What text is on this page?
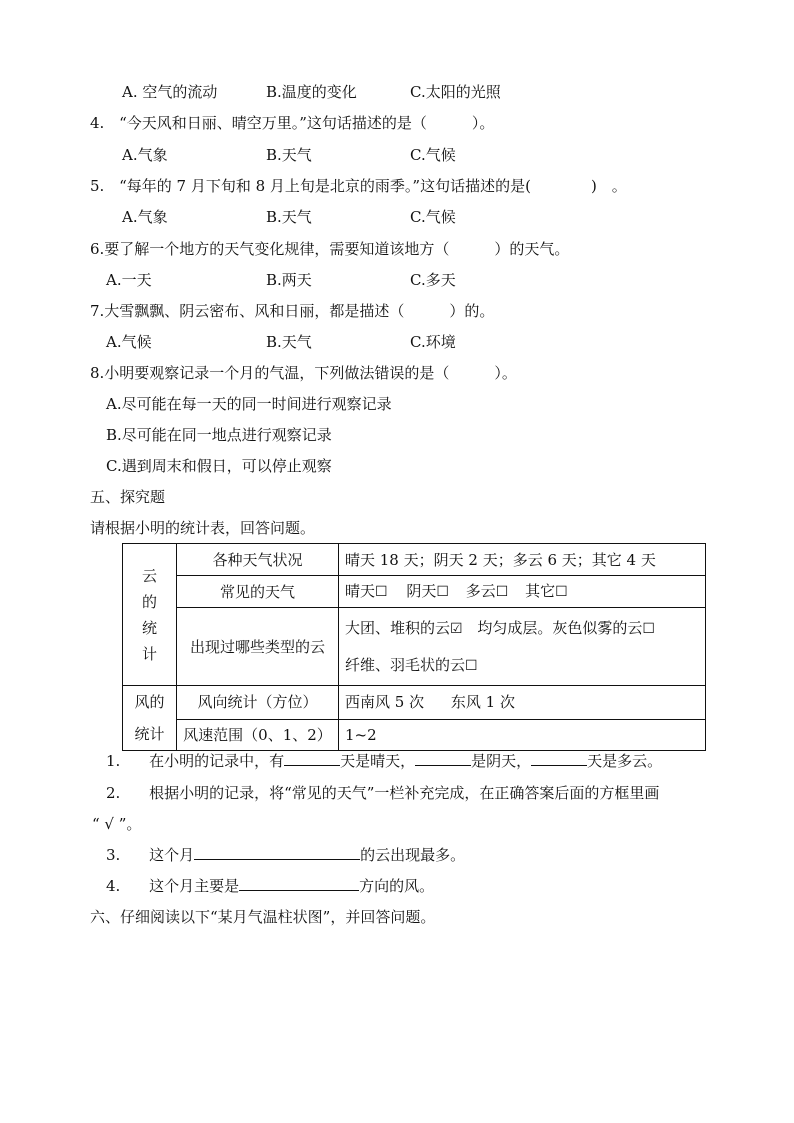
A. 空气的流动	B.温度的变化	C.太阳的光照
4. “今天风和日丽、晴空万里。”这句话描述的是（　　　）。
A.气象	B.天气	C.气候
5. “每年的 7 月下旬和 8 月上旬是北京的雨季。”这句话描述的是(　　　　)　。
A.气象	B.天气	C.气候
6.要了解一个地方的天气变化规律，需要知道该地方（　　　）的天气。
A.一天	B.两天	C.多天
7.大雪飘飘、阴云密布、风和日丽，都是描述（　　　）的。
A.气候	B.天气	C.环境
8.小明要观察记录一个月的气温，下列做法错误的是（　　　）。
A.尽可能在每一天的同一时间进行观察记录
B.尽可能在同一地点进行观察记录
C.遇到周末和假日，可以停止观察
五、探究题
请根据小明的统计表，回答问题。
云
的
统
计	各种天气状况	晴天 18 天；阴天 2 天；多云 6 天；其它 4 天
	常见的天气	晴天☐ 阴天☐ 多云☐ 其它☐
	出现过哪些类型的云	大团、堆积的云☑ 均匀成层。灰色似雾的云☐
纤维、羽毛状的云☐

风的
统计	风向统计（方位）	西南风 5 次 东风 1 次
	风速范围（0、1、2）	1~2
1. 在小明的记录中，有	天是晴天，	是阴天，	天是多云。
2. 根据小明的记录，将“常见的天气”一栏补充完成，在正确答案后面的方框里画
“ √ ”。
3. 这个月	的云出现最多。
4. 这个月主要是	方向的风。
六、仔细阅读以下“某月气温柱状图”，并回答问题。
